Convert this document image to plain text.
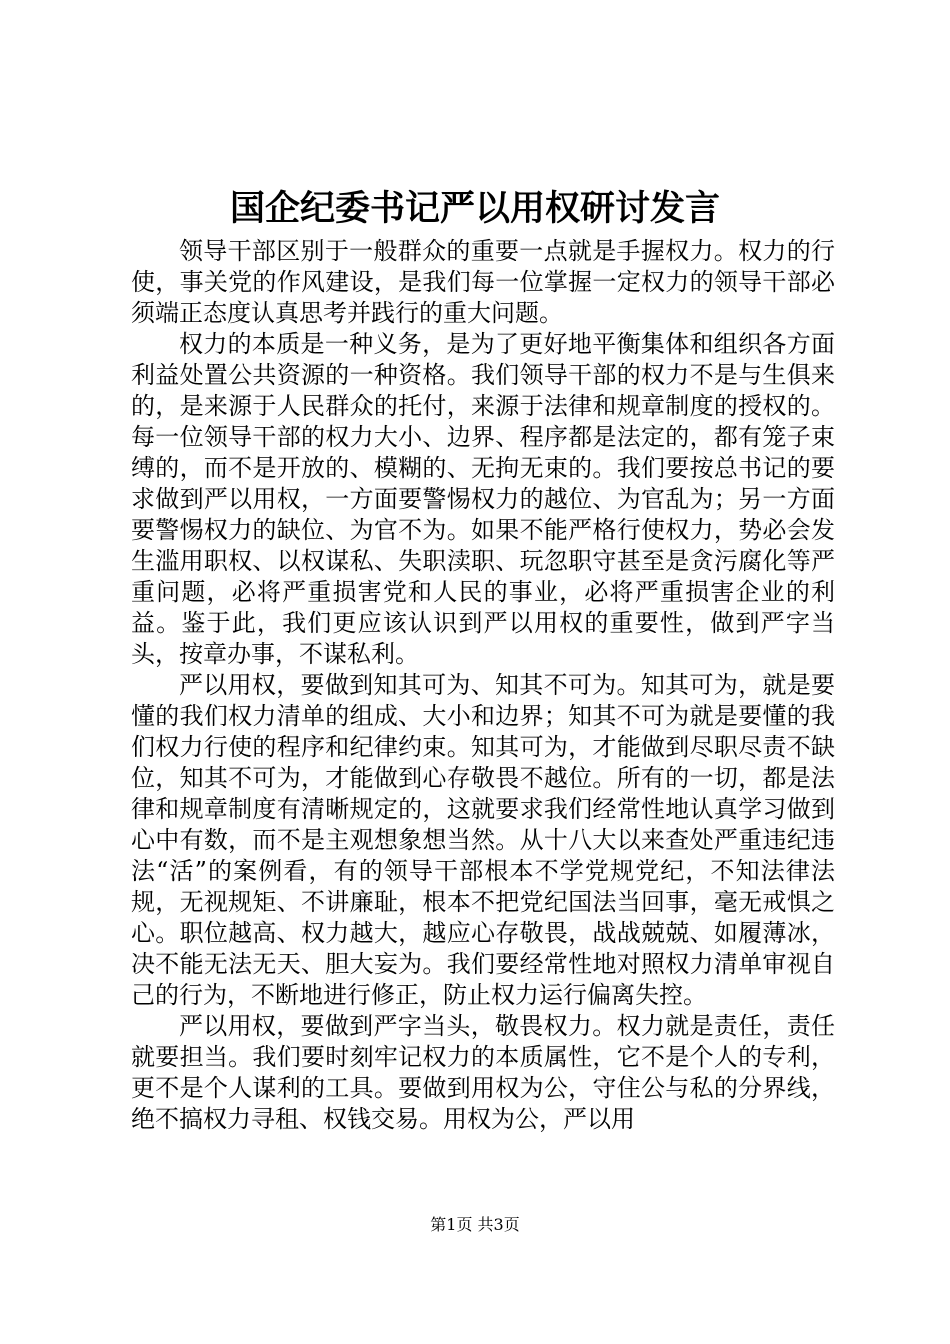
国企纪委书记严以用权研讨发言

领导干部区别于一般群众的重要一点就是手握权力。权力的行使，事关党的作风建设，是我们每一位掌握一定权力的领导干部必须端正态度认真思考并践行的重大问题。

权力的本质是一种义务，是为了更好地平衡集体和组织各方面利益处置公共资源的一种资格。我们领导干部的权力不是与生俱来的，是来源于人民群众的托付，来源于法律和规章制度的授权的。每一位领导干部的权力大小、边界、程序都是法定的，都有笼子束缚的，而不是开放的、模糊的、无拘无束的。我们要按总书记的要求做到严以用权，一方面要警惕权力的越位、为官乱为；另一方面要警惕权力的缺位、为官不为。如果不能严格行使权力，势必会发生滥用职权、以权谋私、失职渎职、玩忽职守甚至是贪污腐化等严重问题，必将严重损害党和人民的事业，必将严重损害企业的利益。鉴于此，我们更应该认识到严以用权的重要性，做到严字当头，按章办事，不谋私利。

严以用权，要做到知其可为、知其不可为。知其可为，就是要懂的我们权力清单的组成、大小和边界；知其不可为就是要懂的我们权力行使的程序和纪律约束。知其可为，才能做到尽职尽责不缺位，知其不可为，才能做到心存敬畏不越位。所有的一切，都是法律和规章制度有清晰规定的，这就要求我们经常性地认真学习做到心中有数，而不是主观想象想当然。从十八大以来查处严重违纪违法“活”的案例看，有的领导干部根本不学党规党纪，不知法律法规，无视规矩、不讲廉耻，根本不把党纪国法当回事，毫无戒惧之心。职位越高、权力越大，越应心存敬畏，战战兢兢、如履薄冰，决不能无法无天、胆大妄为。我们要经常性地对照权力清单审视自己的行为，不断地进行修正，防止权力运行偏离失控。

严以用权，要做到严字当头，敬畏权力。权力就是责任，责任就要担当。我们要时刻牢记权力的本质属性，它不是个人的专利，更不是个人谋利的工具。要做到用权为公，守住公与私的分界线，绝不搞权力寻租、权钱交易。用权为公，严以用

第1页 共3页
